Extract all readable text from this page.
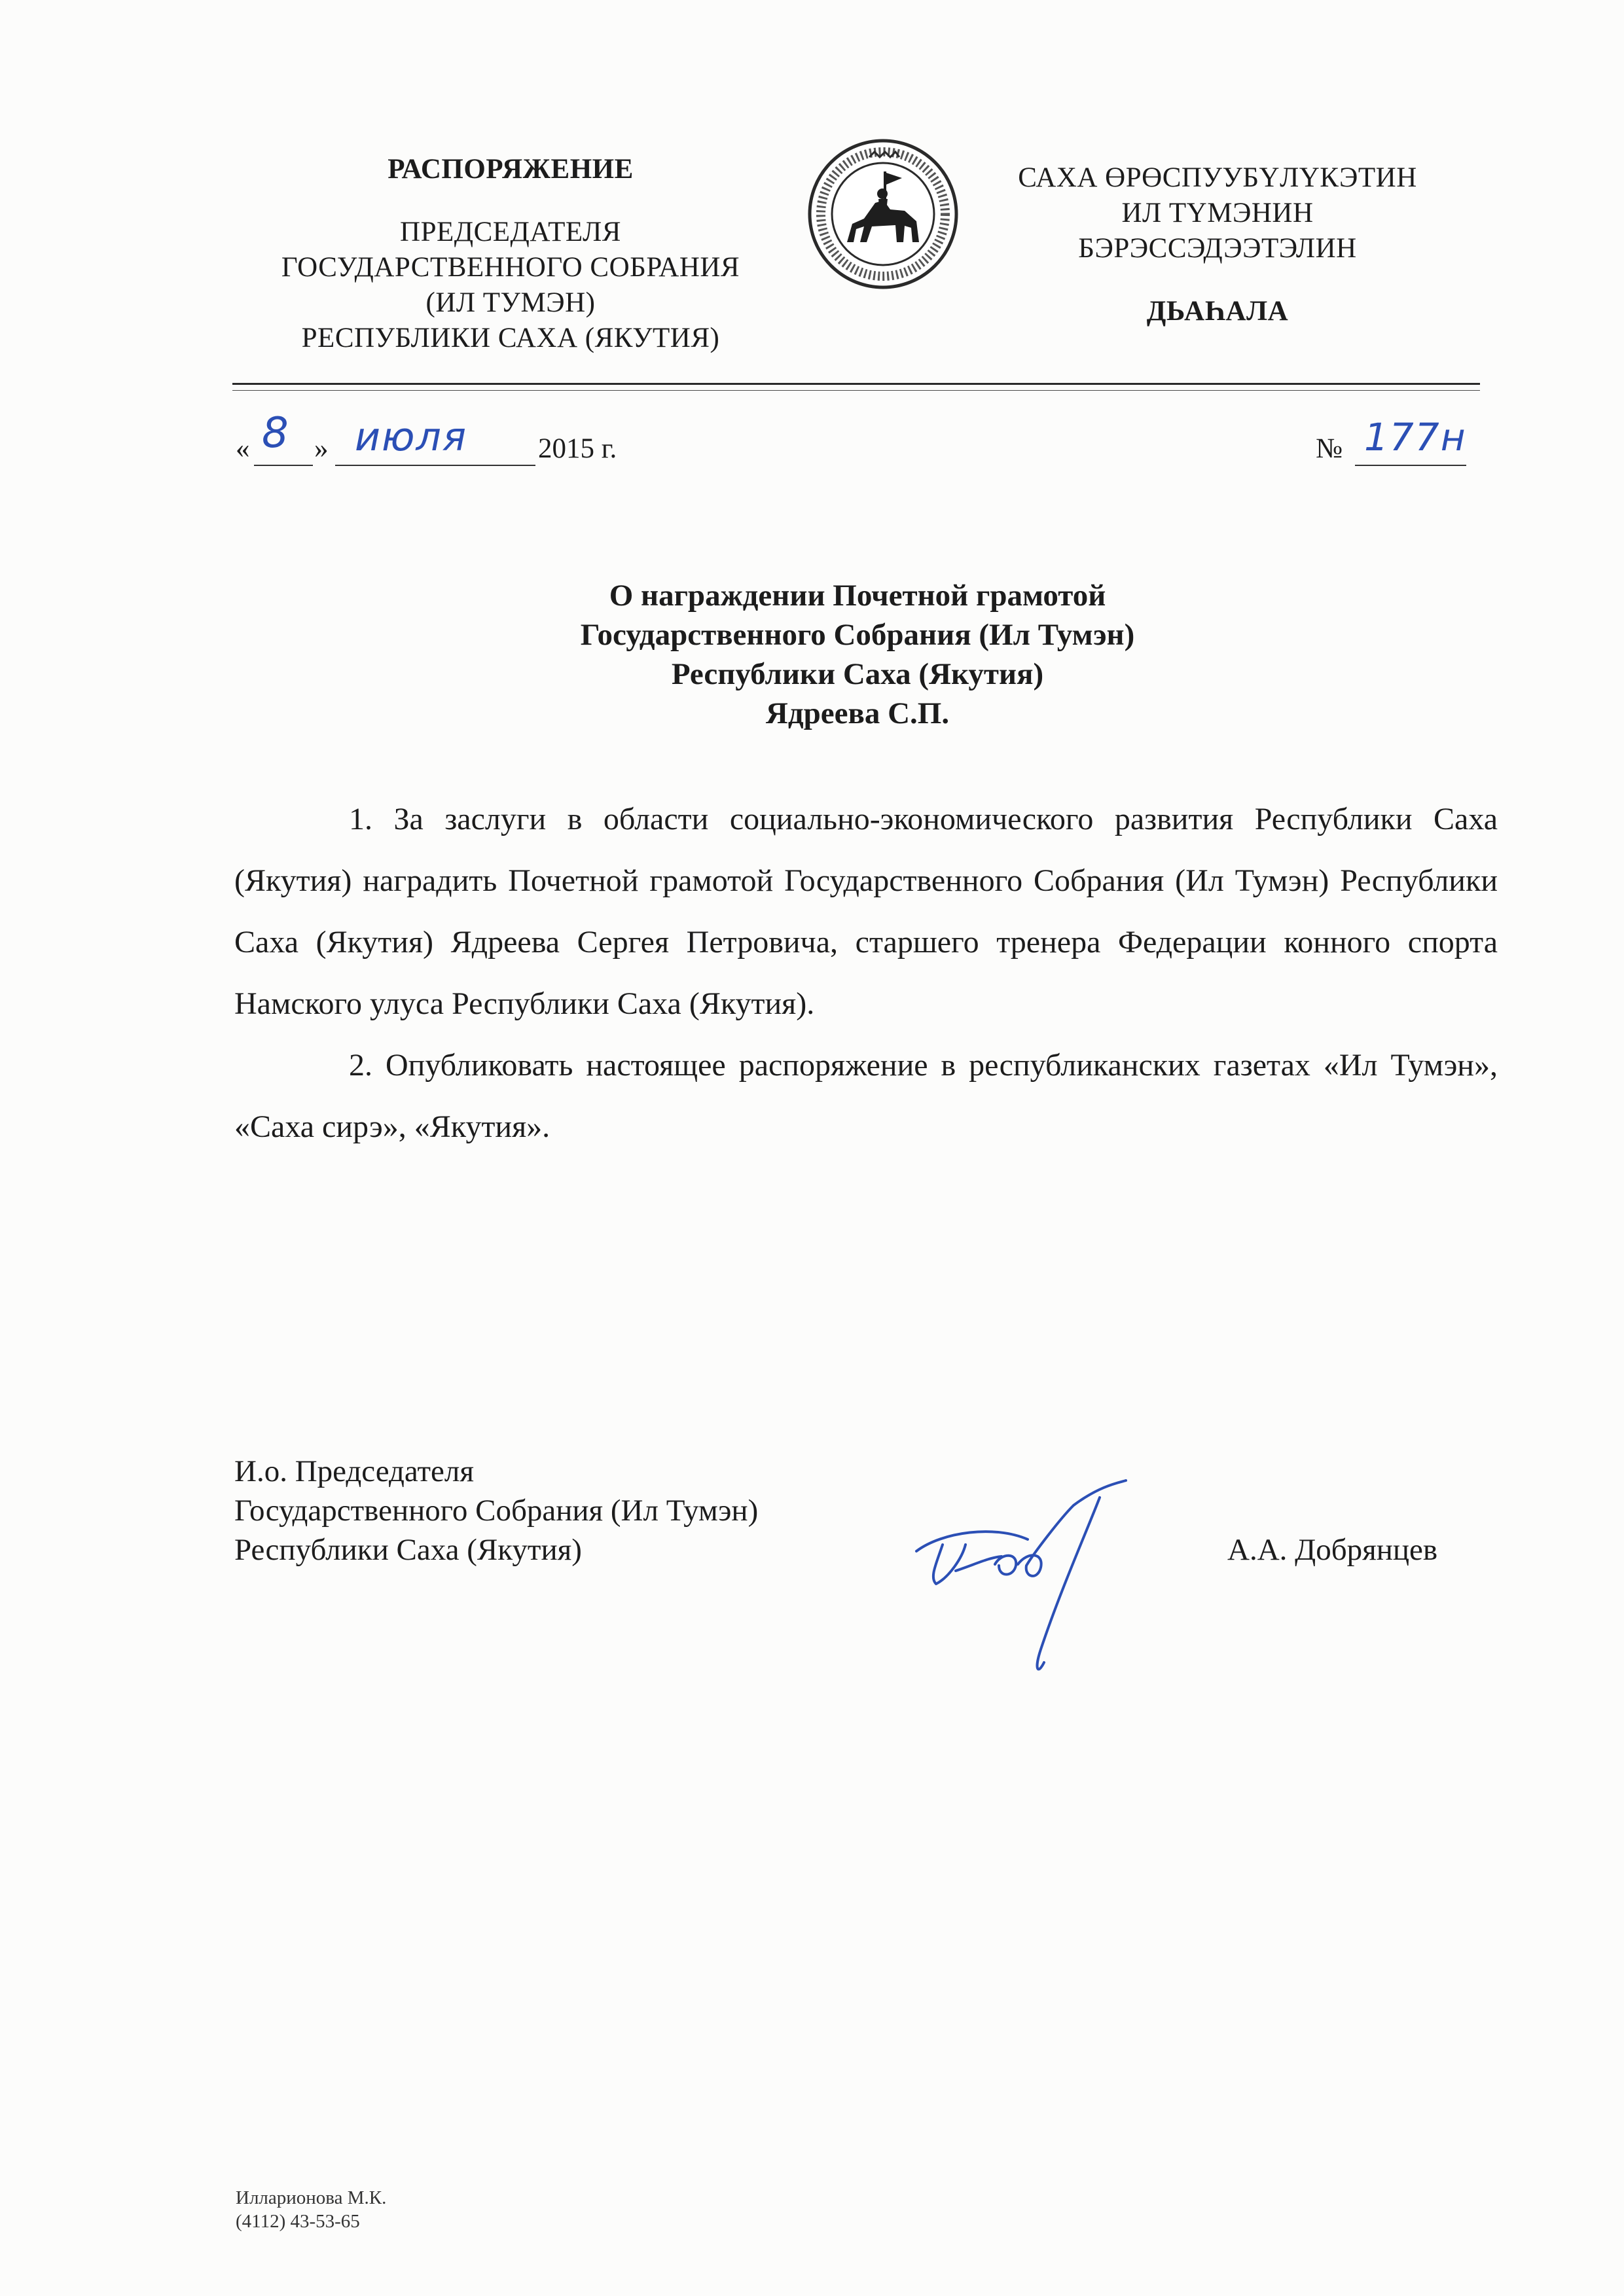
РАСПОРЯЖЕНИЕ
ПРЕДСЕДАТЕЛЯ
ГОСУДАРСТВЕННОГО СОБРАНИЯ
(ИЛ ТУМЭН)
РЕСПУБЛИКИ САХА (ЯКУТИЯ)
САХА ӨРӨСПУУБҮЛҮКЭТИН
ИЛ ТҮМЭНИН
БЭРЭССЭДЭЭТЭЛИН
ДЬАҺАЛА
« 8 » июля	2015 г.	№ 177н
О награждении Почетной грамотой
Государственного Собрания (Ил Тумэн)
Республики Саха (Якутия)
Ядреева С.П.

1. За заслуги в области социально-экономического развития Республики Саха (Якутия) наградить Почетной грамотой Государственного Собрания (Ил Тумэн) Республики Саха (Якутия) Ядреева Сергея Петровича, старшего тренера Федерации конного спорта Намского улуса Республики Саха (Якутия).

2. Опубликовать настоящее распоряжение в республиканских газетах «Ил Тумэн», «Саха сирэ», «Якутия».

И.о. Председателя
Государственного Собрания (Ил Тумэн)
Республики Саха (Якутия)	А.А. Добрянцев
Илларионова М.К.
(4112) 43-53-65
